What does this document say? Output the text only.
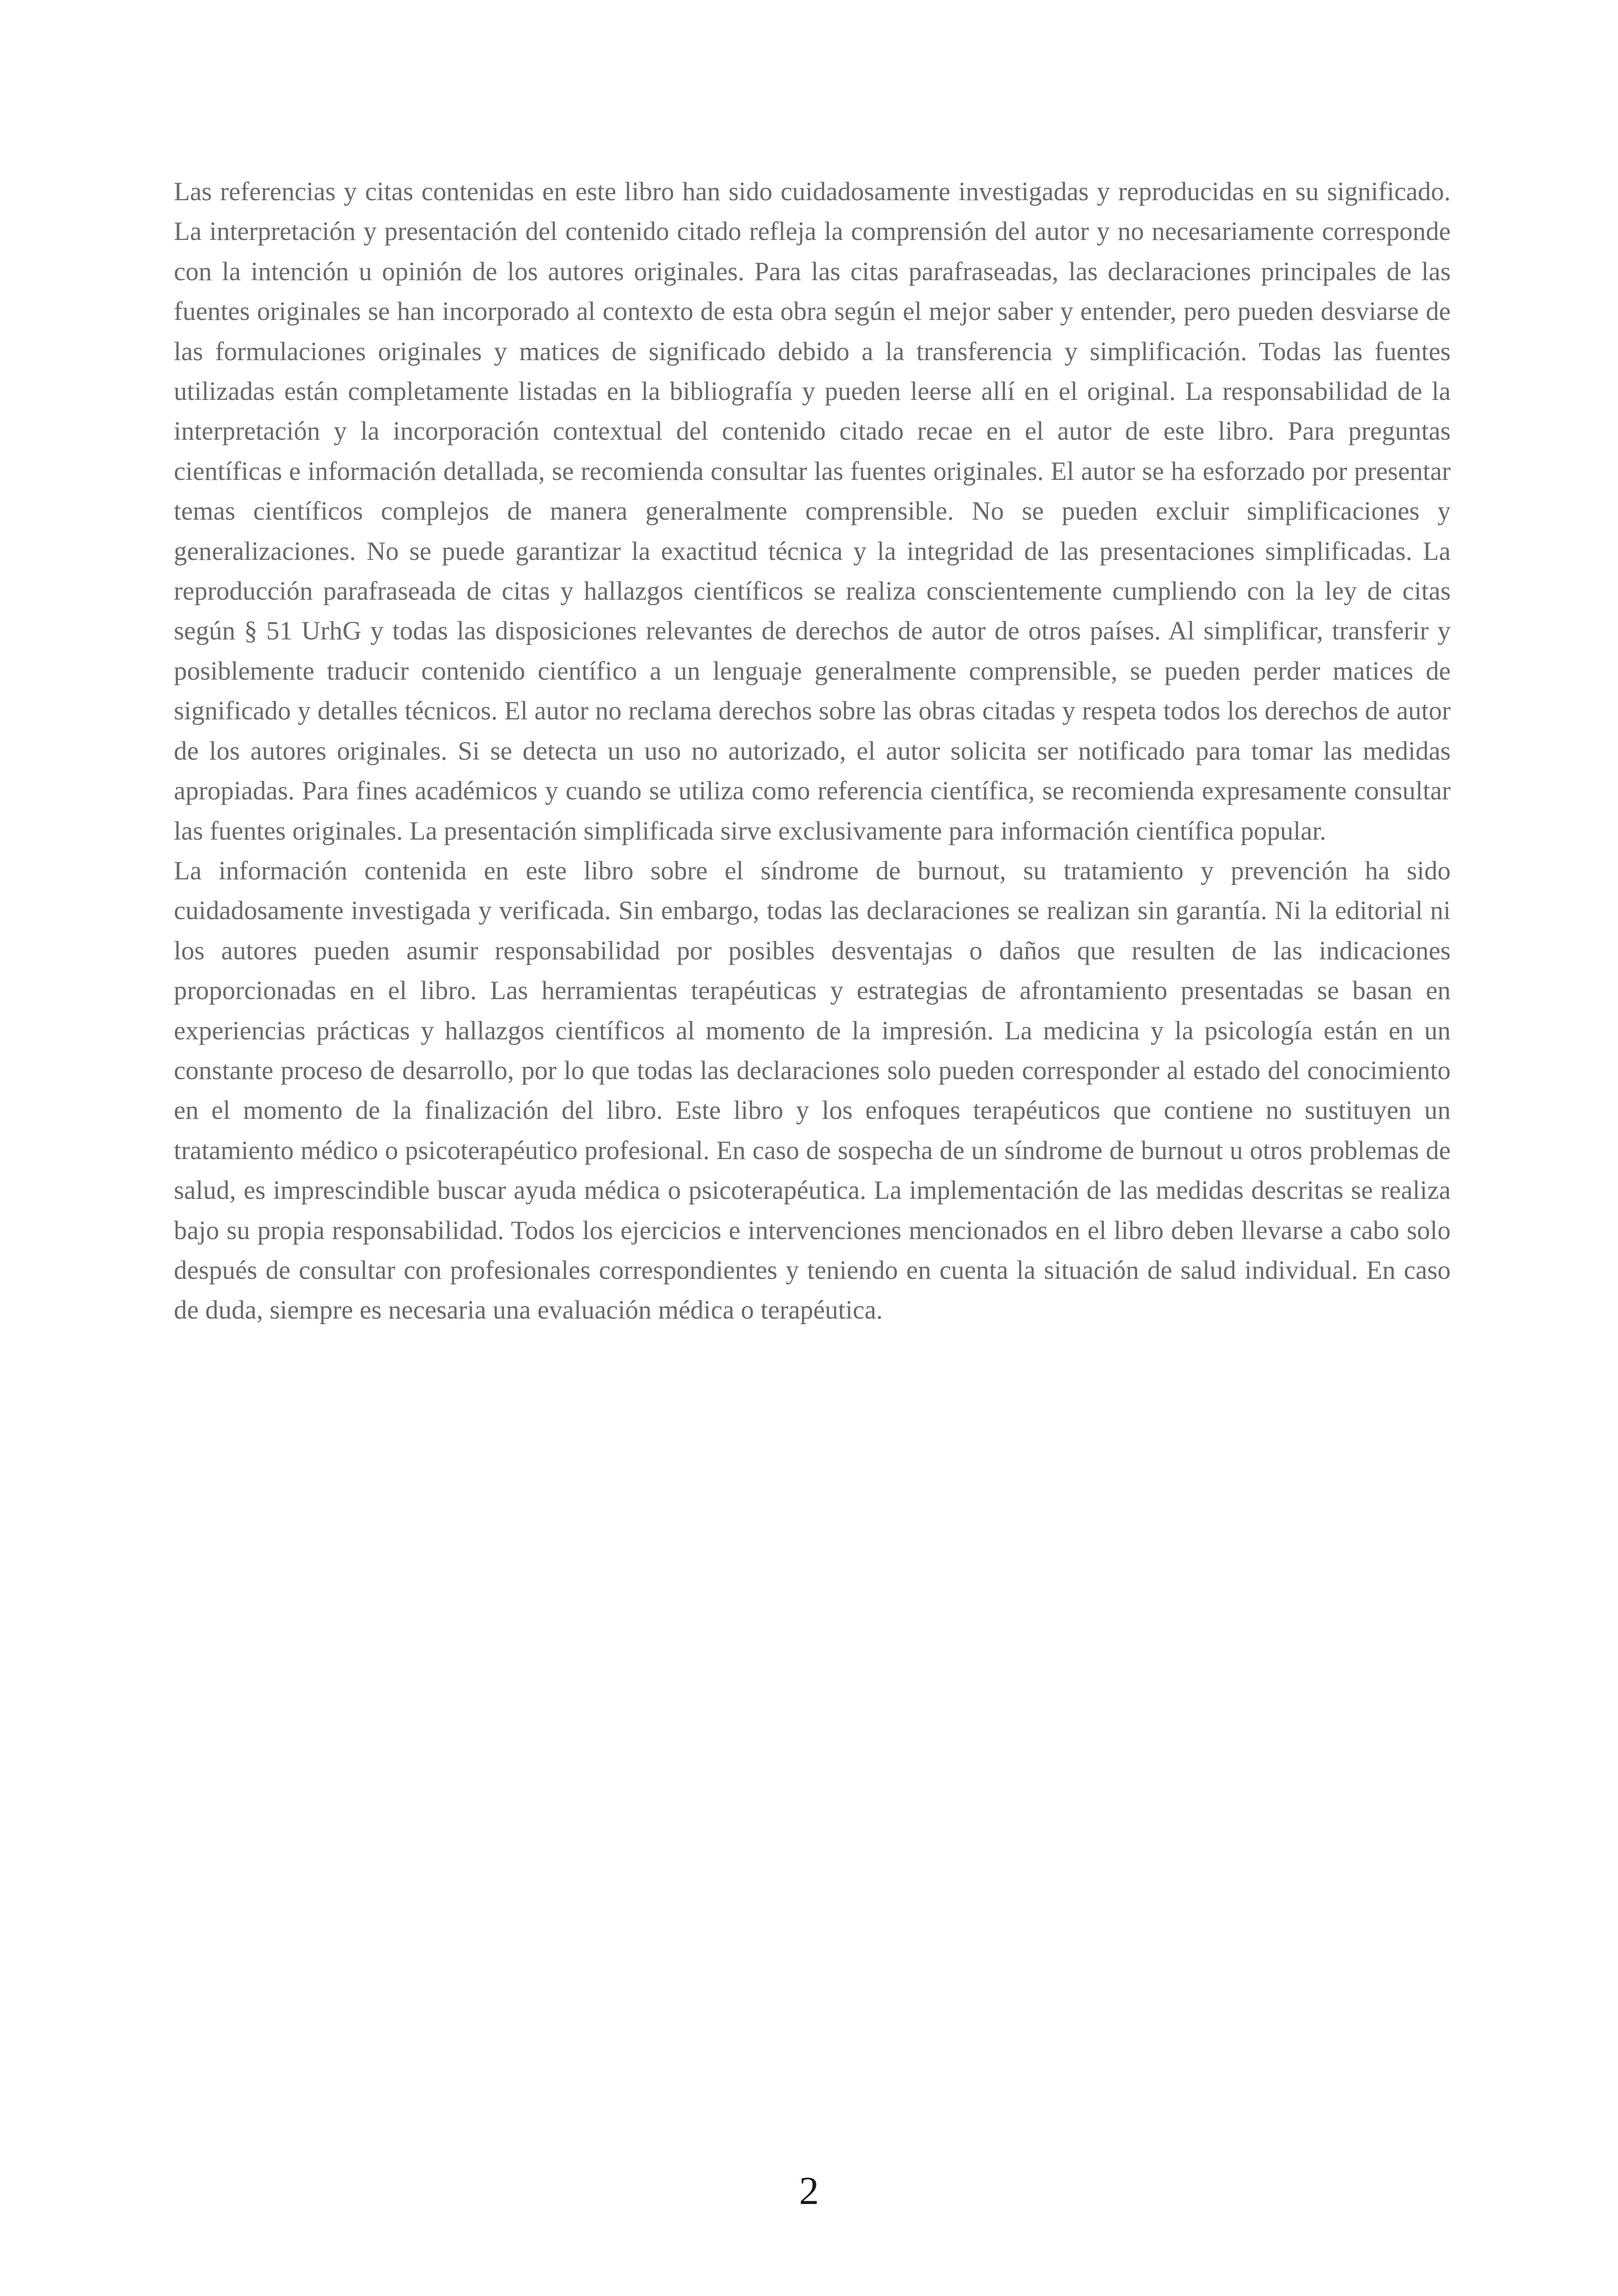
Las referencias y citas contenidas en este libro han sido cuidadosamente investigadas y reproducidas en su significado. La interpretación y presentación del contenido citado refleja la comprensión del autor y no necesariamente corresponde con la intención u opinión de los autores originales. Para las citas parafraseadas, las declaraciones principales de las fuentes originales se han incorporado al contexto de esta obra según el mejor saber y entender, pero pueden desviarse de las formulaciones originales y matices de significado debido a la transferencia y simplificación. Todas las fuentes utilizadas están completamente listadas en la bibliografía y pueden leerse allí en el original. La responsabilidad de la interpretación y la incorporación contextual del contenido citado recae en el autor de este libro. Para preguntas científicas e información detallada, se recomienda consultar las fuentes originales. El autor se ha esforzado por presentar temas científicos complejos de manera generalmente comprensible. No se pueden excluir simplificaciones y generalizaciones. No se puede garantizar la exactitud técnica y la integridad de las presentaciones simplificadas. La reproducción parafraseada de citas y hallazgos científicos se realiza conscientemente cumpliendo con la ley de citas según § 51 UrhG y todas las disposiciones relevantes de derechos de autor de otros países. Al simplificar, transferir y posiblemente traducir contenido científico a un lenguaje generalmente comprensible, se pueden perder matices de significado y detalles técnicos. El autor no reclama derechos sobre las obras citadas y respeta todos los derechos de autor de los autores originales. Si se detecta un uso no autorizado, el autor solicita ser notificado para tomar las medidas apropiadas. Para fines académicos y cuando se utiliza como referencia científica, se recomienda expresamente consultar las fuentes originales. La presentación simplificada sirve exclusivamente para información científica popular.

La información contenida en este libro sobre el síndrome de burnout, su tratamiento y prevención ha sido cuidadosamente investigada y verificada. Sin embargo, todas las declaraciones se realizan sin garantía. Ni la editorial ni los autores pueden asumir responsabilidad por posibles desventajas o daños que resulten de las indicaciones proporcionadas en el libro. Las herramientas terapéuticas y estrategias de afrontamiento presentadas se basan en experiencias prácticas y hallazgos científicos al momento de la impresión. La medicina y la psicología están en un constante proceso de desarrollo, por lo que todas las declaraciones solo pueden corresponder al estado del conocimiento en el momento de la finalización del libro. Este libro y los enfoques terapéuticos que contiene no sustituyen un tratamiento médico o psicoterapéutico profesional. En caso de sospecha de un síndrome de burnout u otros problemas de salud, es imprescindible buscar ayuda médica o psicoterapéutica. La implementación de las medidas descritas se realiza bajo su propia responsabilidad. Todos los ejercicios e intervenciones mencionados en el libro deben llevarse a cabo solo después de consultar con profesionales correspondientes y teniendo en cuenta la situación de salud individual. En caso de duda, siempre es necesaria una evaluación médica o terapéutica.

2
